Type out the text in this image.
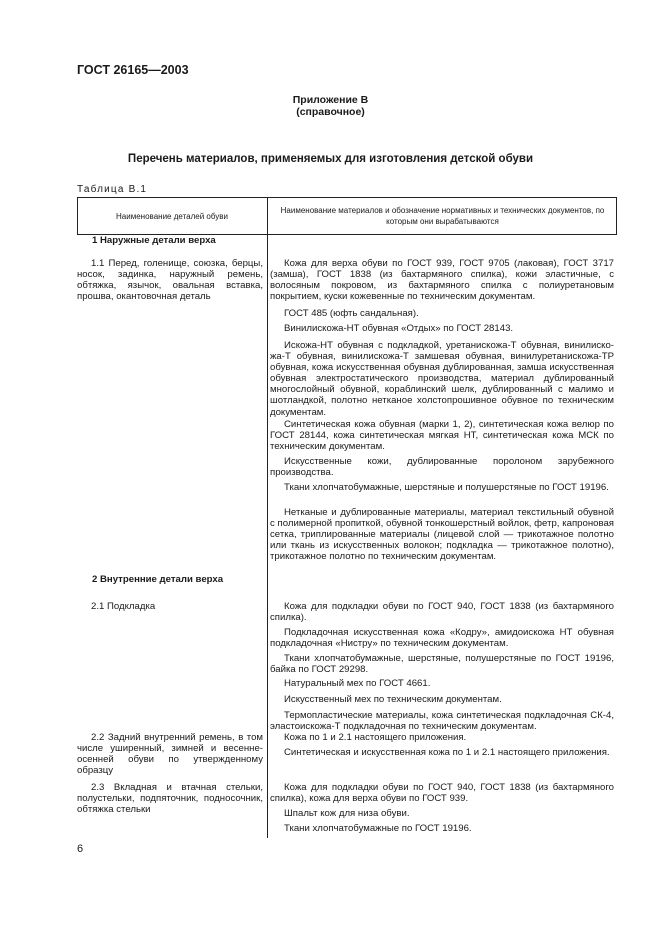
ГОСТ 26165—2003
Приложение В
(справочное)
Перечень материалов, применяемых для изготовления детской обуви
Таблица В.1
Наименование деталей обуви
Наименование материалов и обозначение нормативных и технических документов, по которым они вырабатываются
1 Наружные детали верха
1.1 Перед, голенище, союзка, берцы, носок, задинка, наружный ремень, обтяжка, язычок, овальная вставка, прошва, окантовочная деталь
Кожа для верха обуви по ГОСТ 939, ГОСТ 9705 (лаковая), ГОСТ 3717 (замша), ГОСТ 1838 (из бахтармяного спилка), кожи эластичные, с волосяным покровом, из бахтармяного спилка с полиуретановым покрытием, куски кожевенные по техническим документам.
ГОСТ 485 (юфть сандальная).
Винилискожа-НТ обувная «Отдых» по ГОСТ 28143.
Искожа-НТ обувная с подкладкой, уретанискожа-Т обувная, винилискожа-Т обувная, винилискожа-Т замшевая обувная, винилуретанискожа-ТР обувная, кожа искусственная обувная дублированная, замша искусственная обувная электростатического производства, материал дублированный многослойный обувной, кораблинский шелк, дублированный с малимо и шотландкой, полотно нетканое холстопрошивное обувное по техническим документам.
Синтетическая кожа обувная (марки 1, 2), синтетическая кожа велюр по ГОСТ 28144, кожа синтетическая мягкая НТ, синтетическая кожа МСК по техническим документам.
Искусственные кожи, дублированные поролоном зарубежного производства.
Ткани хлопчатобумажные, шерстяные и полушерстяные по ГОСТ 19196.
Нетканые и дублированные материалы, материал текстильный обувной с полимерной пропиткой, обувной тонкошерстный войлок, фетр, капроновая сетка, триплированные материалы (лицевой слой — трикотажное полотно или ткань из искусственных волокон; подкладка — трикотажное полотно), трикотажное полотно по техническим документам.
2 Внутренние детали верха
2.1 Подкладка	Кожа для подкладки обуви по ГОСТ 940, ГОСТ 1838 (из бахтармяного спилка).
Подкладочная искусственная кожа «Кодру», амидоискожа НТ обувная подкладочная «Нистру» по техническим документам.
Ткани хлопчатобумажные, шерстяные, полушерстяные по ГОСТ 19196, байка по ГОСТ 29298.
Натуральный мех по ГОСТ 4661.
Искусственный мех по техническим документам.
Термопластические материалы, кожа синтетическая подкладочная СК-4, эластоискожа-Т подкладочная по техническим документам.
2.2 Задний внутренний ремень, в том числе уширенный, зимней и весенне-осенней обуви по утвержденному образцу
Кожа по 1 и 2.1 настоящего приложения.
Синтетическая и искусственная кожа по 1 и 2.1 настоящего приложения.
2.3 Вкладная и втачная стельки, полустельки, подпяточник, подносочник, обтяжка стельки
Кожа для подкладки обуви по ГОСТ 940, ГОСТ 1838 (из бахтармяного спилка), кожа для верха обуви по ГОСТ 939.
Шпальт кож для низа обуви.
Ткани хлопчатобумажные по ГОСТ 19196.
6
